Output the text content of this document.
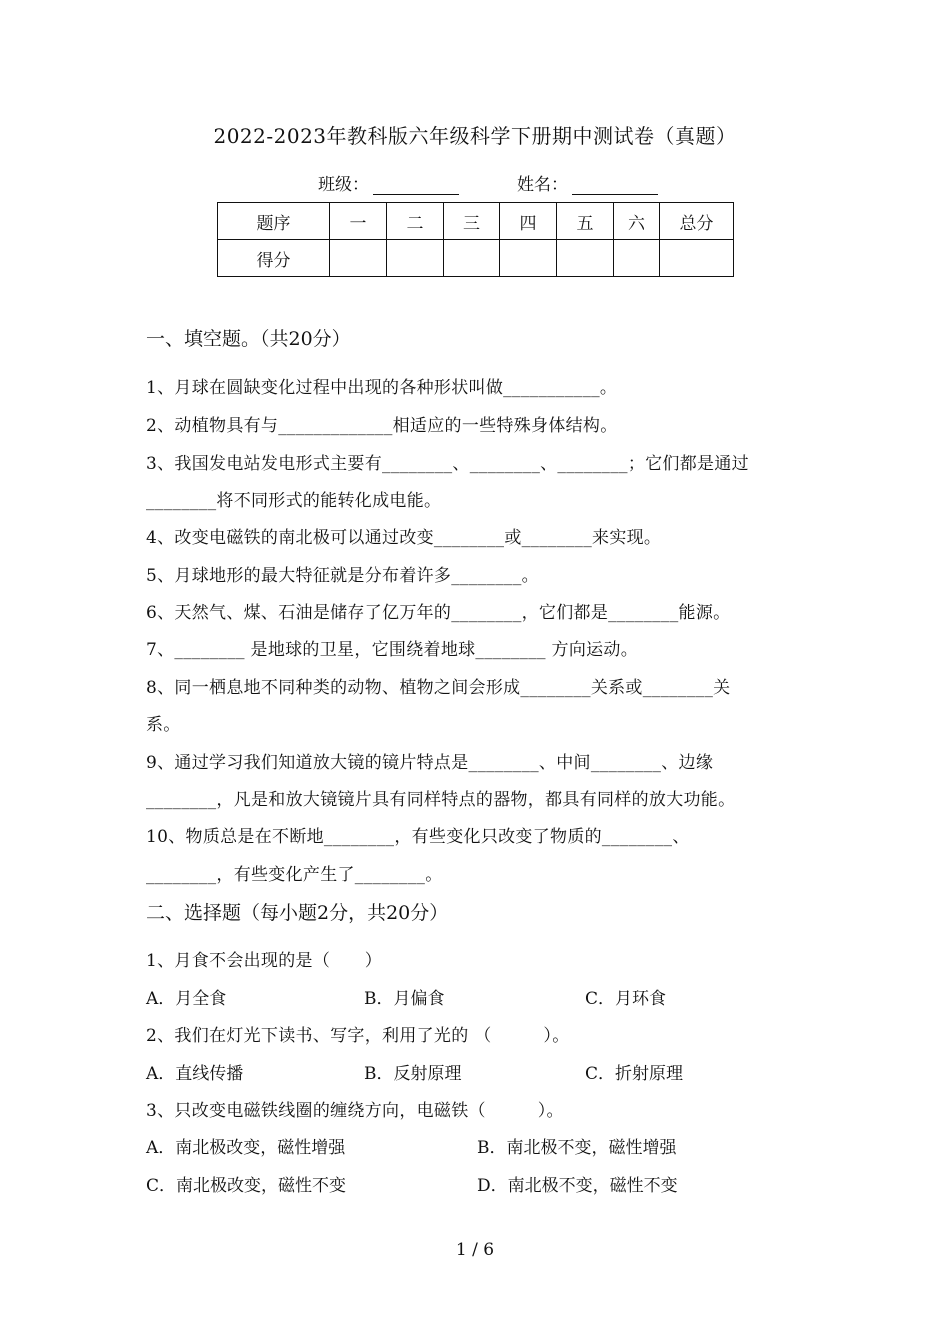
2022-2023年教科版六年级科学下册期中测试卷（真题）
班级：	姓名：
题序	一	二	三	四	五	六	总分
得分							
一、填空题。（共20分）
1、月球在圆缺变化过程中出现的各种形状叫做___________。
2、动植物具有与_____________相适应的一些特殊身体结构。
3、我国发电站发电形式主要有________、________、________；它们都是通过
________将不同形式的能转化成电能。
4、改变电磁铁的南北极可以通过改变________或________来实现。
5、月球地形的最大特征就是分布着许多________。
6、天然气、煤、石油是储存了亿万年的________，它们都是________能源。
7、________ 是地球的卫星，它围绕着地球________ 方向运动。
8、同一栖息地不同种类的动物、植物之间会形成________关系或________关
系。
9、通过学习我们知道放大镜的镜片特点是________、中间________、边缘
________，凡是和放大镜镜片具有同样特点的器物，都具有同样的放大功能。
10、物质总是在不断地________，有些变化只改变了物质的________、
________，有些变化产生了________。
二、选择题（每小题2分，共20分）
1、月食不会出现的是（　　）
A．月全食	B．月偏食	C．月环食
2、我们在灯光下读书、写字，利用了光的 （　　　）。
A．直线传播	B．反射原理	C．折射原理
3、只改变电磁铁线圈的缠绕方向，电磁铁（　　　）。
A．南北极改变，磁性增强	B．南北极不变，磁性增强
C．南北极改变，磁性不变	D．南北极不变，磁性不变
1 / 6
